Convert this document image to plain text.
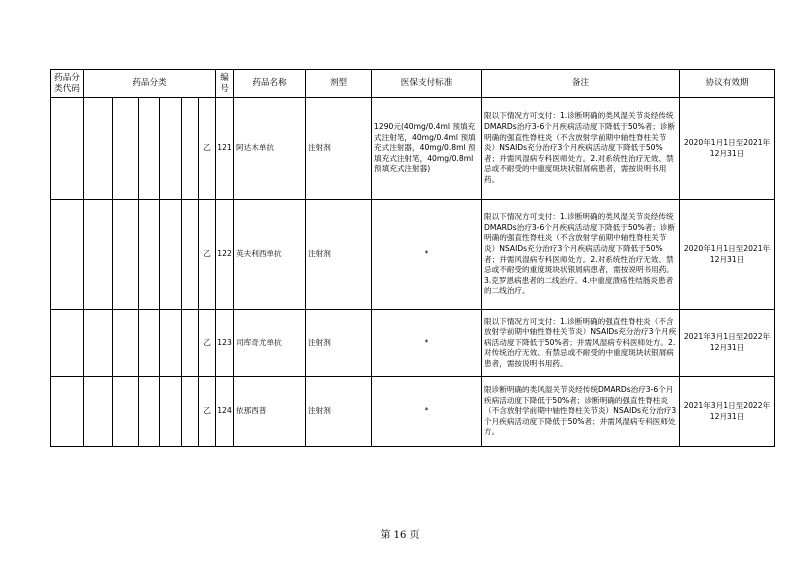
药品分类代码	药品分类						编号	药品名称	剂型	医保支付标准	备注	协议有效期
						乙	121	阿达木单抗	注射剂	1290元(40mg/0.4ml 预填充式注射笔，40mg/0.4ml 预填充式注射器，40mg/0.8ml 预填充式注射笔，40mg/0.8ml 预填充式注射器)	限以下情况方可支付：1.诊断明确的类风湿关节炎经传统DMARDs治疗3-6个月疾病活动度下降低于50%者；诊断明确的强直性脊柱炎（不含放射学前期中轴性脊柱关节炎）NSAIDs充分治疗3个月疾病活动度下降低于50%者；并需风湿病专科医师处方。2.对系统性治疗无效、禁忌或不耐受的中重度斑块状银屑病患者，需按说明书用药。	2020年1月1日至2021年12月31日
						乙	122	英夫利西单抗	注射剂	*	限以下情况方可支付：1.诊断明确的类风湿关节炎经传统DMARDs治疗3-6个月疾病活动度下降低于50%者；诊断明确的强直性脊柱炎（不含放射学前期中轴性脊柱关节炎）NSAIDs充分治疗3个月疾病活动度下降低于50%者；并需风湿病专科医师处方。2.对系统性治疗无效、禁忌或不耐受的重度斑块状银屑病患者，需按说明书用药。3.克罗恩病患者的二线治疗。4.中重度溃疡性结肠炎患者的二线治疗。	2020年1月1日至2021年12月31日
						乙	123	司库奇尤单抗	注射剂	*	限以下情况方可支付：1.诊断明确的强直性脊柱炎（不含放射学前期中轴性脊柱关节炎）NSAIDs充分治疗3个月疾病活动度下降低于50%者；并需风湿病专科医师处方。2.对传统治疗无效、有禁忌或不耐受的中重度斑块状银屑病患者，需按说明书用药。	2021年3月1日至2022年12月31日
						乙	124	依那西普	注射剂	*	限诊断明确的类风湿关节炎经传统DMARDs治疗3-6个月疾病活动度下降低于50%者；诊断明确的强直性脊柱炎（不含放射学前期中轴性脊柱关节炎）NSAIDs充分治疗3个月疾病活动度下降低于50%者；并需风湿病专科医师处方。	2021年3月1日至2022年12月31日
第 16 页
